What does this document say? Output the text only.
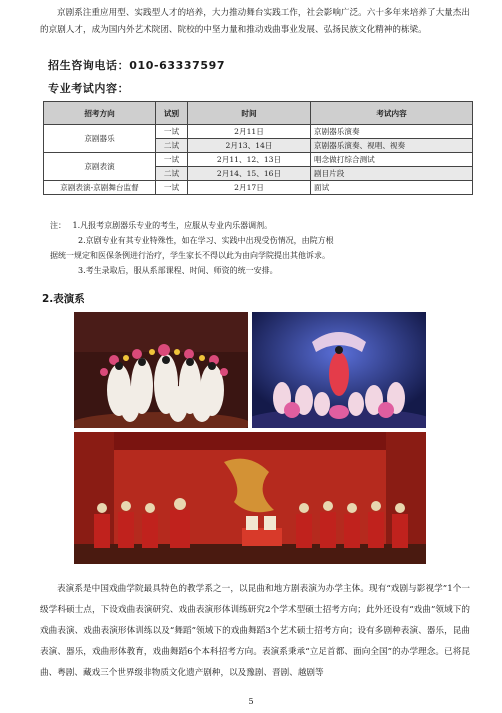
京剧系注重应用型、实践型人才的培养，大力推动舞台实践工作，社会影响广泛。六十多年来培养了大量杰出的京剧人才，成为国内外艺术院团、院校的中坚力量和推动戏曲事业发展、弘扬民族文化精神的栋梁。
招生咨询电话：010-63337597
专业考试内容：
招考方向	试别	时间	考试内容
京剧器乐	一试	2月11日	京剧器乐演奏
	二试	2月13、14日	京剧器乐演奏、视唱、视奏
京剧表演	一试	2月11、12、13日	唱念做打综合测试
	二试	2月14、15、16日	剧目片段
京剧表演-京剧舞台监督	一试	2月17日	面试
注： 1.凡报考京剧器乐专业的考生，应服从专业内乐器调剂。
2.京剧专业有其专业特殊性，如在学习、实践中出现受伤情况，由院方根
据统一规定和医保条例进行治疗，学生家长不得以此为由向学院提出其他诉求。
3.考生录取后，服从系部课程、时间、师资的统一安排。
2.表演系
表演系是中国戏曲学院最具特色的教学系之一，以昆曲和地方剧表演为办学主体。现有“戏剧与影视学”1个一级学科硕士点，下设戏曲表演研究、戏曲表演形体训练研究2个学术型硕士招考方向；此外还设有“戏曲”领域下的戏曲表演、戏曲表演形体训练以及“舞蹈”领域下的戏曲舞蹈3个艺术硕士招考方向；设有多剧种表演、器乐，昆曲表演、器乐，戏曲形体教育，戏曲舞蹈6个本科招考方向。表演系秉承“立足首都、面向全国”的办学理念。已将昆曲、粤剧、藏戏三个世界级非物质文化遗产剧种，以及豫剧、晋剧、越剧等
5
